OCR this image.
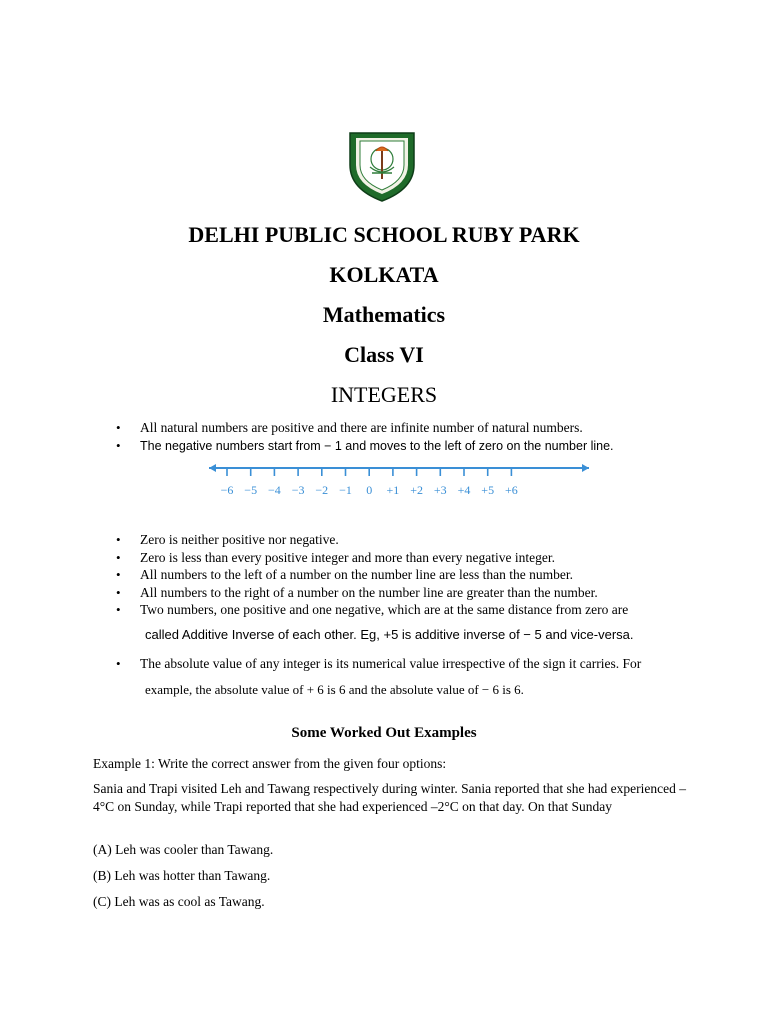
DELHI PUBLIC SCHOOL RUBY PARK
KOLKATA
Mathematics
Class VI
INTEGERS
• All natural numbers are positive and there are infinite number of natural numbers.
• The negative numbers start from − 1 and moves to the left of zero on the number line.
−6 −5 −4 −3 −2 −1 0 +1 +2 +3 +4 +5 +6
• Zero is neither positive nor negative.
• Zero is less than every positive integer and more than every negative integer.
• All numbers to the left of a number on the number line are less than the number.
• All numbers to the right of a number on the number line are greater than the number.
• Two numbers, one positive and one negative, which are at the same distance from zero are
called Additive Inverse of each other. Eg, +5 is additive inverse of − 5 and vice-versa.
• The absolute value of any integer is its numerical value irrespective of the sign it carries. For
example, the absolute value of + 6 is 6 and the absolute value of − 6 is 6.
Some Worked Out Examples
Example 1: Write the correct answer from the given four options:
Sania and Trapi visited Leh and Tawang respectively during winter. Sania reported that she had experienced –4°C on Sunday, while Trapi reported that she had experienced –2°C on that day. On that Sunday
(A) Leh was cooler than Tawang.
(B) Leh was hotter than Tawang.
(C) Leh was as cool as Tawang.
